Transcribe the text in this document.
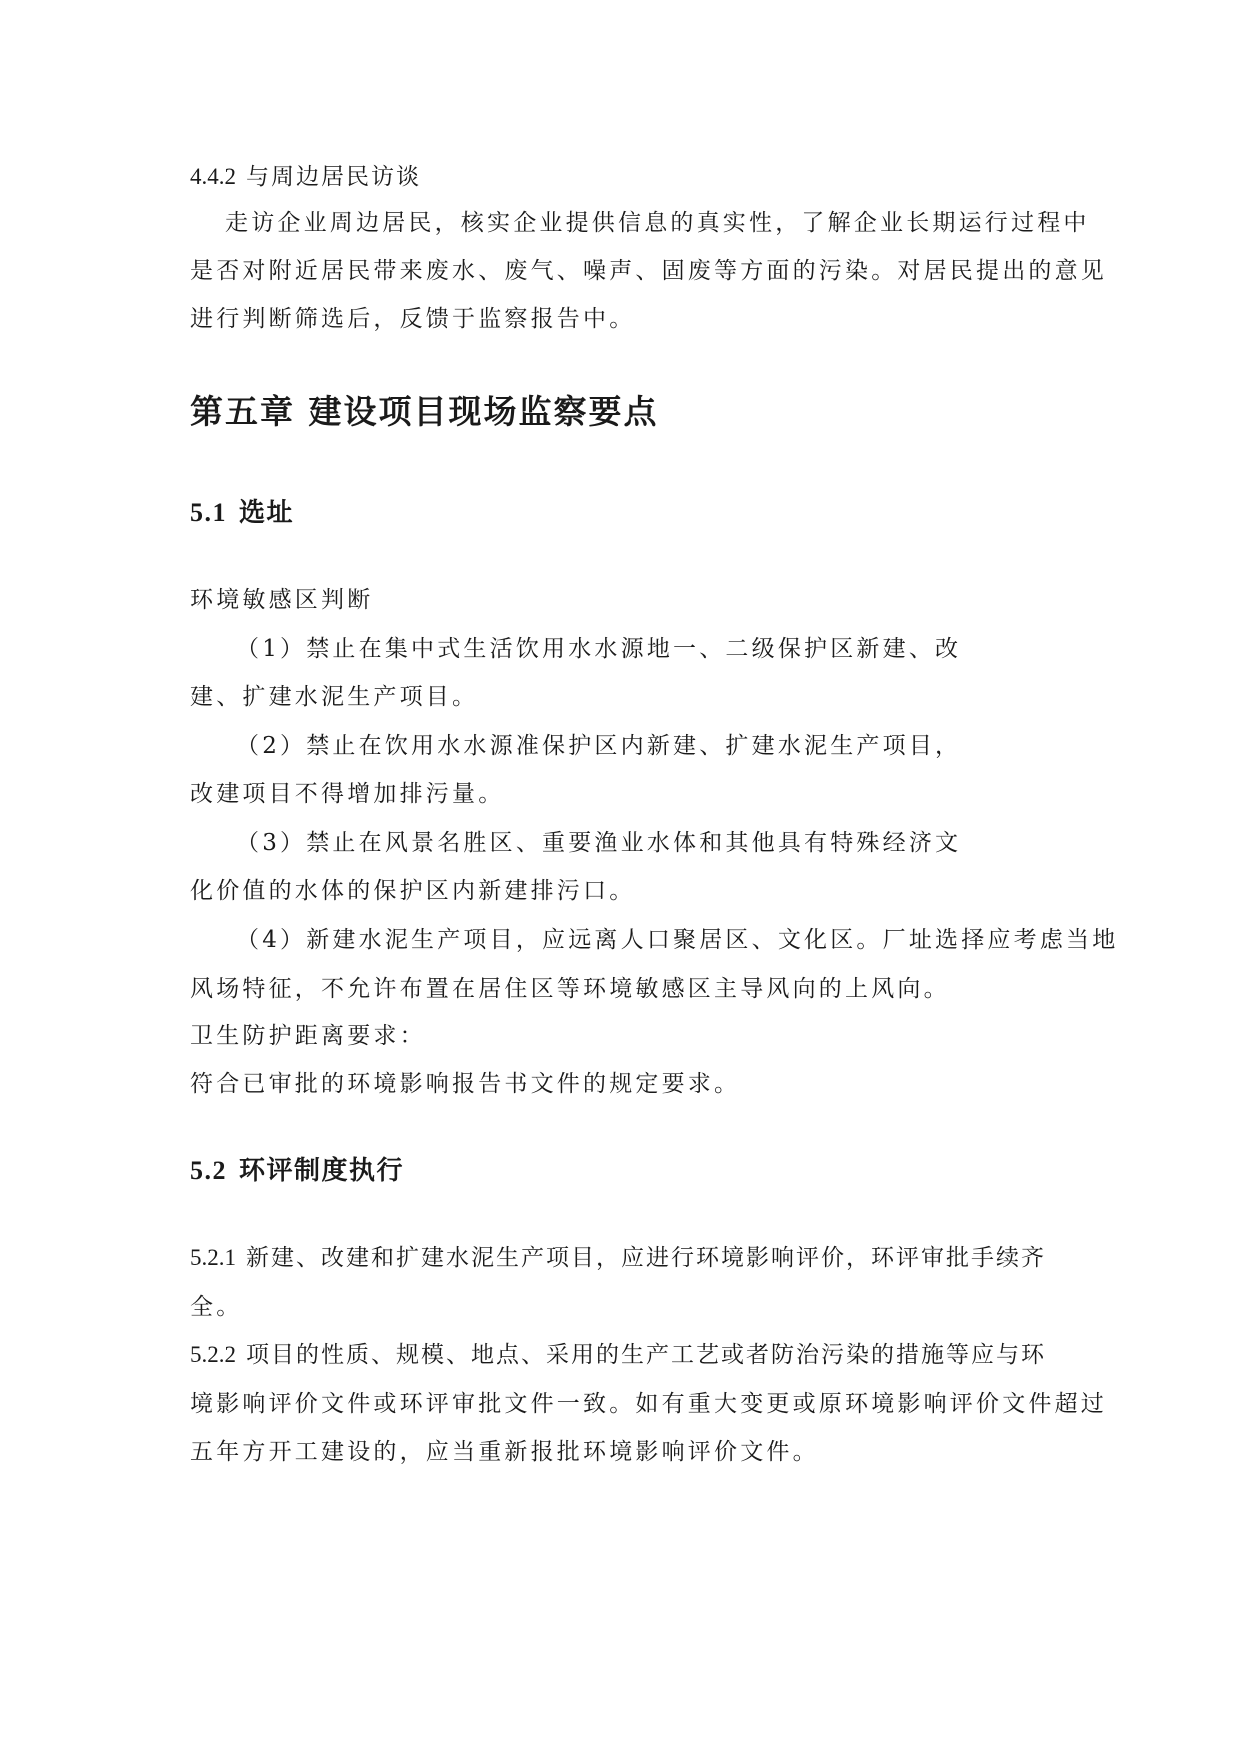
4.4.2 与周边居民访谈
走访企业周边居民，核实企业提供信息的真实性，了解企业长期运行过程中
是否对附近居民带来废水、废气、噪声、固废等方面的污染。对居民提出的意见
进行判断筛选后，反馈于监察报告中。
第五章 建设项目现场监察要点
5.1 选址
环境敏感区判断
（1）禁止在集中式生活饮用水水源地一、二级保护区新建、改
建、扩建水泥生产项目。
（2）禁止在饮用水水源准保护区内新建、扩建水泥生产项目，
改建项目不得增加排污量。
（3）禁止在风景名胜区、重要渔业水体和其他具有特殊经济文
化价值的水体的保护区内新建排污口。
（4）新建水泥生产项目，应远离人口聚居区、文化区。厂址选择应考虑当地
风场特征，不允许布置在居住区等环境敏感区主导风向的上风向。
卫生防护距离要求：
符合已审批的环境影响报告书文件的规定要求。
5.2 环评制度执行
5.2.1 新建、改建和扩建水泥生产项目，应进行环境影响评价，环评审批手续齐
全。
5.2.2 项目的性质、规模、地点、采用的生产工艺或者防治污染的措施等应与环
境影响评价文件或环评审批文件一致。如有重大变更或原环境影响评价文件超过
五年方开工建设的，应当重新报批环境影响评价文件。
